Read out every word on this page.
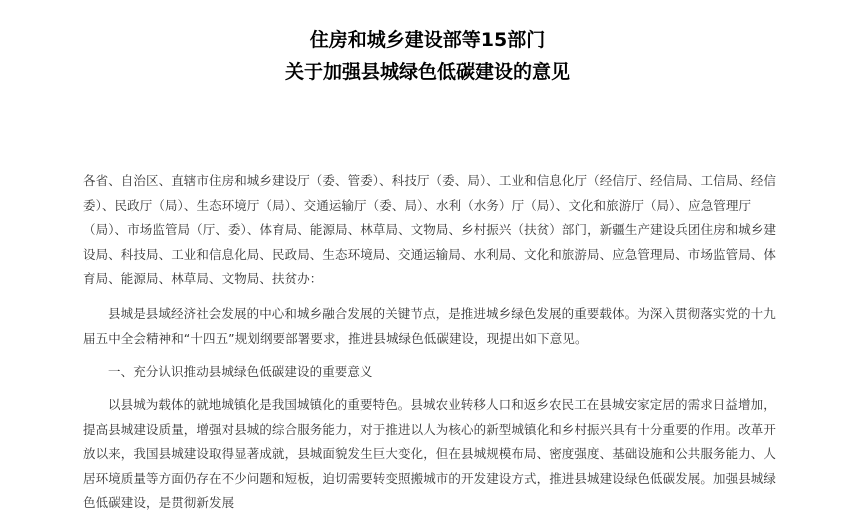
住房和城乡建设部等15部门

关于加强县城绿色低碳建设的意见

各省、自治区、直辖市住房和城乡建设厅（委、管委）、科技厅（委、局）、工业和信息化厅（经信厅、经信局、工信局、经信委）、民政厅（局）、生态环境厅（局）、交通运输厅（委、局）、水利（水务）厅（局）、文化和旅游厅（局）、应急管理厅（局）、市场监管局（厅、委）、体育局、能源局、林草局、文物局、乡村振兴（扶贫）部门，新疆生产建设兵团住房和城乡建设局、科技局、工业和信息化局、民政局、生态环境局、交通运输局、水利局、文化和旅游局、应急管理局、市场监管局、体育局、能源局、林草局、文物局、扶贫办：

县城是县域经济社会发展的中心和城乡融合发展的关键节点，是推进城乡绿色发展的重要载体。为深入贯彻落实党的十九届五中全会精神和“十四五”规划纲要部署要求，推进县城绿色低碳建设，现提出如下意见。

一、充分认识推动县城绿色低碳建设的重要意义

以县城为载体的就地城镇化是我国城镇化的重要特色。县城农业转移人口和返乡农民工在县城安家定居的需求日益增加，提高县城建设质量，增强对县城的综合服务能力，对于推进以人为核心的新型城镇化和乡村振兴具有十分重要的作用。改革开放以来，我国县城建设取得显著成就，县城面貌发生巨大变化，但在县城规模布局、密度强度、基础设施和公共服务能力、人居环境质量等方面仍存在不少问题和短板，迫切需要转变照搬城市的开发建设方式，推进县城建设绿色低碳发展。加强县城绿色低碳建设，是贯彻新发展
